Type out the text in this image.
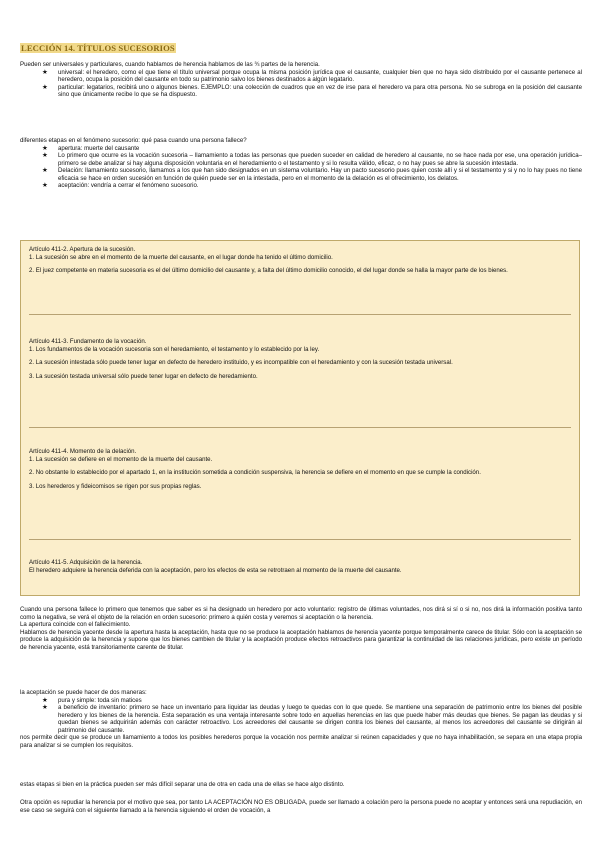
LECCIÓN 14. TÍTULOS SUCESORIOS

Pueden ser universales y particulares, cuando hablamos de herencia hablamos de las ¾ partes de la herencia.

★ universal: el heredero, como el que tiene el título universal porque ocupa la misma posición jurídica que el causante, cualquier bien que no haya sido distribuido por el causante pertenece al heredero, ocupa la posición del causante en todo su patrimonio salvo los bienes destinados a algún legatario.
★ particular: legatarios, recibirá uno o algunos bienes. EJEMPLO: una colección de cuadros que en vez de irse para el heredero va para otra persona. No se subroga en la posición del causante sino que únicamente recibe lo que se ha dispuesto.

diferentes etapas en el fenómeno sucesorio: qué pasa cuando una persona fallece?

★ apertura: muerte del causante
★ Lo primero que ocurre es la vocación sucesoria – llamamiento a todas las personas que pueden suceder en calidad de heredero al causante, no se hace nada por ese, una operación jurídica– primero se debe analizar si hay alguna disposición voluntaria en el heredamiento o el testamento y si lo resulta válido, eficaz, o no hay pues se abre la sucesión intestada.
★ Delación: llamamiento sucesorio, llamamos a los que han sido designados en un sistema voluntario. Hay un pacto sucesorio pues quien coste allí y si el testamento y si y no lo hay pues no tiene eficacia se hace en orden sucesión en función de quién puede ser en la intestada, pero en el momento de la delación es el ofrecimiento, los delatos.
★ aceptación: vendría a cerrar el fenómeno sucesorio.

Artículo 411-2. Apertura de la sucesión.

1. La sucesión se abre en el momento de la muerte del causante, en el lugar donde ha tenido el último domicilio.

2. El juez competente en materia sucesoria es el del último domicilio del causante y, a falta del último domicilio conocido, el del lugar donde se halla la mayor parte de los bienes.

Artículo 411-3. Fundamento de la vocación.

1. Los fundamentos de la vocación sucesoria son el heredamiento, el testamento y lo establecido por la ley.

2. La sucesión intestada sólo puede tener lugar en defecto de heredero instituido, y es incompatible con el heredamiento y con la sucesión testada universal.

3. La sucesión testada universal sólo puede tener lugar en defecto de heredamiento.

Artículo 411-4. Momento de la delación.

1. La sucesión se defiere en el momento de la muerte del causante.

2. No obstante lo establecido por el apartado 1, en la institución sometida a condición suspensiva, la herencia se defiere en el momento en que se cumple la condición.

3. Los herederos y fideicomisos se rigen por sus propias reglas.

Artículo 411-5. Adquisición de la herencia.

El heredero adquiere la herencia deferida con la aceptación, pero los efectos de esta se retrotraen al momento de la muerte del causante.

Cuando una persona fallece lo primero que tenemos que saber es si ha designado un heredero por acto voluntario: registro de últimas voluntades, nos dirá si sí o si no, nos dirá la información positiva tanto como la negativa, se verá el objeto de la relación en orden sucesorio: primero a quién costa y veremos si aceptación o la herencia.

La apertura coincide con el fallecimiento.

Hablamos de herencia yacente desde la apertura hasta la aceptación, hasta que no se produce la aceptación hablamos de herencia yacente porque temporalmente carece de titular. Sólo con la aceptación se produce la adquisición de la herencia y supone que los bienes cambien de titular y la aceptación produce efectos retroactivos para garantizar la continuidad de las relaciones jurídicas, pero existe un período de herencia yacente, está transitoriamente carente de titular.

la aceptación se puede hacer de dos maneras:

★ pura y simple: toda sin matices
★ a beneficio de inventario: primero se hace un inventario para liquidar las deudas y luego te quedas con lo que quede. Se mantiene una separación de patrimonio entre los bienes del posible heredero y los bienes de la herencia. Esta separación es una ventaja interesante sobre todo en aquellas herencias en las que puede haber más deudas que bienes. Se pagan las deudas y si quedan bienes se adquirirán además con carácter retroactivo. Los acreedores del causante se dirigen contra los bienes del causante, al menos los acreedores del causante se dirigirán al patrimonio del causante.

nos permite decir que se produce un llamamiento a todos los posibles herederos porque la vocación nos permite analizar si reúnen capacidades y que no haya inhabilitación, se separa en una etapa propia para analizar si se cumplen los requisitos.

estas etapas si bien en la práctica pueden ser más difícil separar una de otra en cada una de ellas se hace algo distinto.

Otra opción es repudiar la herencia por el motivo que sea, por tanto LA ACEPTACIÓN NO ES OBLIGADA, puede ser llamado a colación pero la persona puede no aceptar y entonces será una repudiación, en ese caso se seguirá con el siguiente llamado a la herencia siguiendo el orden de vocación, a
